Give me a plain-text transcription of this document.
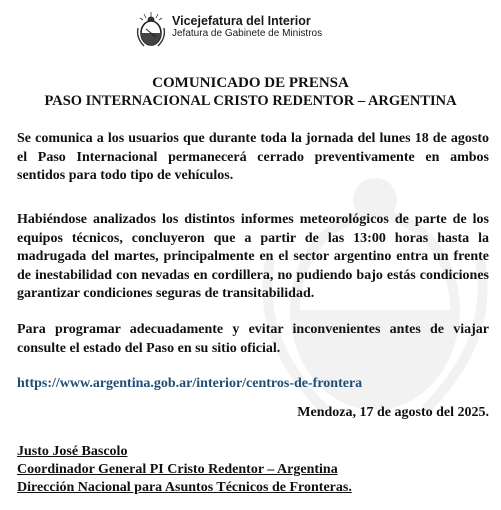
Vicejefatura del Interior
Jefatura de Gabinete de Ministros
COMUNICADO DE PRENSA
PASO INTERNACIONAL CRISTO REDENTOR – ARGENTINA
Se comunica a los usuarios que durante toda la jornada del lunes 18 de agosto el Paso Internacional permanecerá cerrado preventivamente en ambos sentidos para todo tipo de vehículos.
Habiéndose analizados los distintos informes meteorológicos de parte de los equipos técnicos, concluyeron que a partir de las 13:00 horas hasta la madrugada del martes, principalmente en el sector argentino entra un frente de inestabilidad con nevadas en cordillera, no pudiendo bajo estás condiciones garantizar condiciones seguras de transitabilidad.
Para programar adecuadamente y evitar inconvenientes antes de viajar consulte el estado del Paso en su sitio oficial.
https://www.argentina.gob.ar/interior/centros-de-frontera
Mendoza, 17 de agosto del 2025.
Justo José Bascolo
Coordinador General PI Cristo Redentor – Argentina
Dirección Nacional para Asuntos Técnicos de Fronteras.
